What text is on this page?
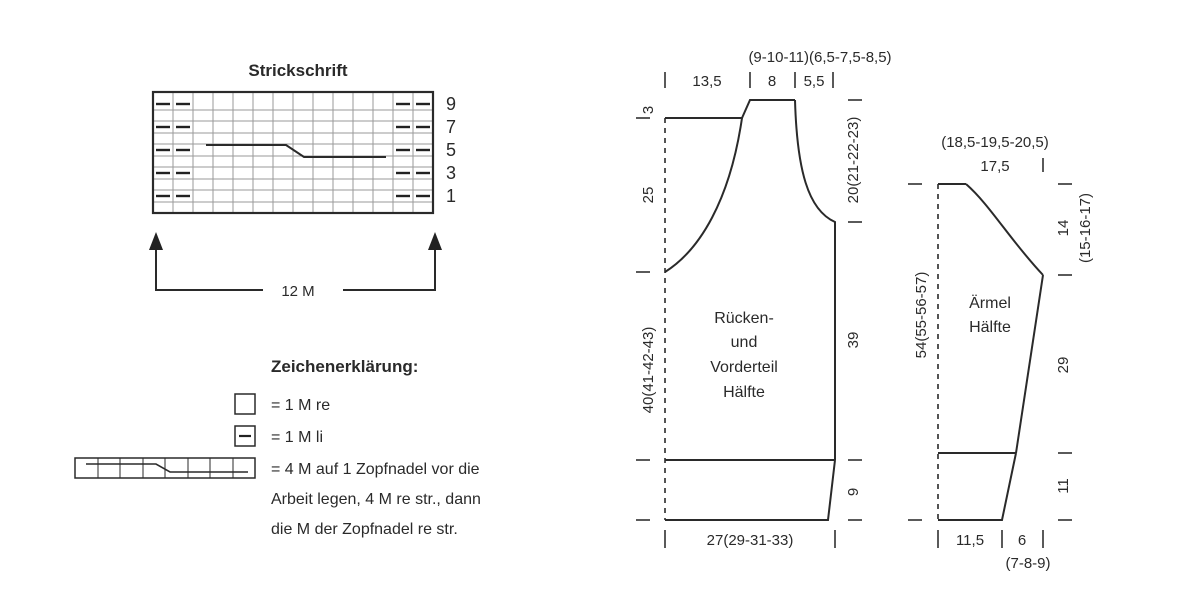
Strickschrift
9
7
5
3
1
12 M
Zeichenerklärung:
= 1 M re
= 1 M li
= 4 M auf 1 Zopfnadel vor die
Arbeit legen, 4 M re str., dann
die M der Zopfnadel re str.
(9-10-11)(6,5-7,5-8,5)
13,5	8 5,5
3
25
40(41-42-43)
20(21-22-23)
39
9
27(29-31-33)
Rücken-
und
Vorderteil
Hälfte
(18,5-19,5-20,5)
17,5
14 (15-16-17)
29
11
54(55-56-57) Ärmel
Hälfte
11,5 6
(7-8-9)
